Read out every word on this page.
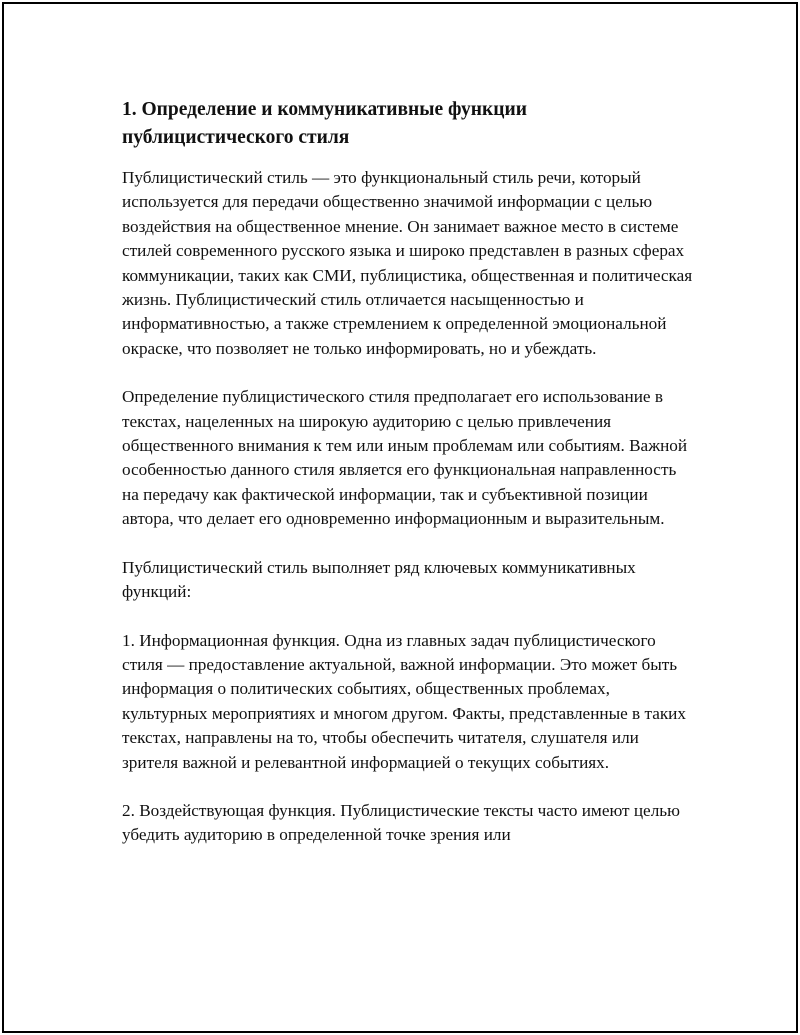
1. Определение и коммуникативные функции публицистического стиля

Публицистический стиль — это функциональный стиль речи, который используется для передачи общественно значимой информации с целью воздействия на общественное мнение. Он занимает важное место в системе стилей современного русского языка и широко представлен в разных сферах коммуникации, таких как СМИ, публицистика, общественная и политическая жизнь. Публицистический стиль отличается насыщенностью и информативностью, а также стремлением к определенной эмоциональной окраске, что позволяет не только информировать, но и убеждать.

Определение публицистического стиля предполагает его использование в текстах, нацеленных на широкую аудиторию с целью привлечения общественного внимания к тем или иным проблемам или событиям. Важной особенностью данного стиля является его функциональная направленность на передачу как фактической информации, так и субъективной позиции автора, что делает его одновременно информационным и выразительным.

Публицистический стиль выполняет ряд ключевых коммуникативных функций:

1. Информационная функция. Одна из главных задач публицистического стиля — предоставление актуальной, важной информации. Это может быть информация о политических событиях, общественных проблемах, культурных мероприятиях и многом другом. Факты, представленные в таких текстах, направлены на то, чтобы обеспечить читателя, слушателя или зрителя важной и релевантной информацией о текущих событиях.

2. Воздействующая функция. Публицистические тексты часто имеют целью убедить аудиторию в определенной точке зрения или
